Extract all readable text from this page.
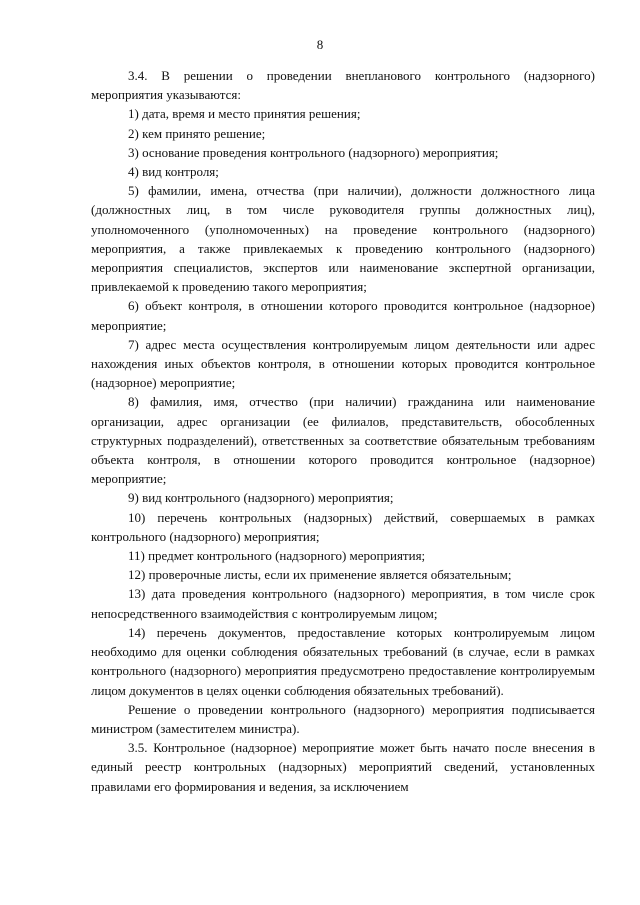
8

3.4. В решении о проведении внепланового контрольного (надзорного) мероприятия указываются:

1) дата, время и место принятия решения;

2) кем принято решение;

3) основание проведения контрольного (надзорного) мероприятия;

4) вид контроля;

5) фамилии, имена, отчества (при наличии), должности должностного лица (должностных лиц, в том числе руководителя группы должностных лиц), уполномоченного (уполномоченных) на проведение контрольного (надзорного) мероприятия, а также привлекаемых к проведению контрольного (надзорного) мероприятия специалистов, экспертов или наименование экспертной организации, привлекаемой к проведению такого мероприятия;

6) объект контроля, в отношении которого проводится контрольное (надзорное) мероприятие;

7) адрес места осуществления контролируемым лицом деятельности или адрес нахождения иных объектов контроля, в отношении которых проводится контрольное (надзорное) мероприятие;

8) фамилия, имя, отчество (при наличии) гражданина или наименование организации, адрес организации (ее филиалов, представительств, обособленных структурных подразделений), ответственных за соответствие обязательным требованиям объекта контроля, в отношении которого проводится контрольное (надзорное) мероприятие;

9) вид контрольного (надзорного) мероприятия;

10) перечень контрольных (надзорных) действий, совершаемых в рамках контрольного (надзорного) мероприятия;

11) предмет контрольного (надзорного) мероприятия;

12) проверочные листы, если их применение является обязательным;

13) дата проведения контрольного (надзорного) мероприятия, в том числе срок непосредственного взаимодействия с контролируемым лицом;

14) перечень документов, предоставление которых контролируемым лицом необходимо для оценки соблюдения обязательных требований (в случае, если в рамках контрольного (надзорного) мероприятия предусмотрено предоставление контролируемым лицом документов в целях оценки соблюдения обязательных требований).

Решение о проведении контрольного (надзорного) мероприятия подписывается министром (заместителем министра).

3.5. Контрольное (надзорное) мероприятие может быть начато после внесения в единый реестр контрольных (надзорных) мероприятий сведений, установленных правилами его формирования и ведения, за исключением
